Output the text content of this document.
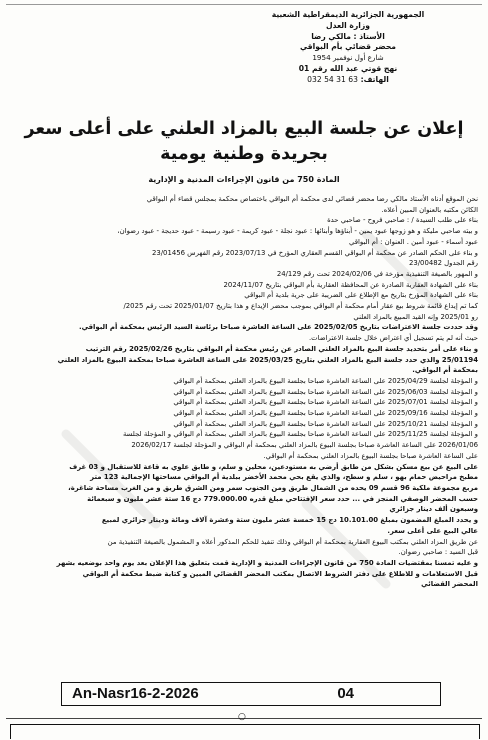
الجمهورية الجزائرية الديمقراطية الشعبية
وزارة العدل
الأستاذ : مالكي رضا
محضر قضائي بأم البواقي
شارع أول نوفمبر 1954
نهج قوتي عبد الله رقم 01
الهاتف: 032 54 31 63
إعلان عن جلسة البيع بالمزاد العلني على أعلى سعر
بجريدة وطنية يومية
المادة 750 من قانون الإجراءات المدنية و الإدارية

نحن الموقع أدناه الأستاذ مالكي رضا محضر قضائي لدى محكمة أم البواقي باختصاص محكمة بمجلس قضاء أم البواقي

الكائن مكتبه بالعنوان المبين أعلاه.

بناء على طلب السيدة / : صاحبي فروح - صاحبي حدة

و بيته صاحبي مليكة و هو زوجها عبود يمين - أبناؤها وأبنائها : عبود نجلة - عبود كريمة - عبود رسيمة - عبود حديجة - عبود رضوان،

عبود أسماء - عبود أمين . العنوان : أم البواقي

و بناء على الحكم الصادر عن محكمة أم البواقي القسم العقاري المؤرخ في 2023/07/13 رقم الفهرس 23/01456

رقم الجدول 23/00482

و المهور بالصيغة التنفيذية مؤرخة في 2024/02/06 تحت رقم 24/129

بناء على الشهادة العقارية الصادرة عن المحافظة العقارية بأم البواقي بتاريخ 2024/11/07

بناء على الشهادة المؤرخ بتاريخ مع الإطلاع على الضريبة على جرية بلدية أم البواقي

كما تم إيداع قائمة شروط بيع عقار أمام محكمة أم البواقي بموجب محضر الإيداع و هذا بتاريخ 2025/01/07 تحت رقم 2025/

رو 2025/01 وإنه القيد المبيع بالمزاد العلني

وقد حددت جلسة الاعتراضات بتاريخ 2025/02/05 على الساعة العاشرة صباحا برئاسة السيد الرئيس بمحكمة أم البواقي.

حيث أنه لم يتم تسجيل أي اعتراض خلال جلسة الاعتراضات.

و بناء على أمر بتحديد جلسة البيع بالمزاد العلني الصادر عن رئيس محكمة أم البواقي بتاريخ 2025/02/26 رقم الترتيب

25/01194 والذي حدد جلسة البيع بالمزاد العلني بتاريخ 2025/03/25 على الساعة العاشرة صباحا بمحكمة البيوع بالمزاد العلني

بمحكمة أم البواقي.

و المؤجلة لجلسة 2025/04/29 على الساعة العاشرة صباحا بجلسة البيوع بالمزاد العلني بمحكمة أم البواقي

و المؤجلة لجلسة 2025/06/03 على الساعة العاشرة صباحا بجلسة البيوع بالمزاد العلني بمحكمة أم البواقي

و المؤجلة لجلسة 2025/07/01 على الساعة العاشرة صباحا بجلسة البيوع بالمزاد العلني بمحكمة أم البواقي

و المؤجلة لجلسة 2025/09/16 على الساعة العاشرة صباحا بجلسة البيوع بالمزاد العلني بمحكمة أم البواقي

و المؤجلة لجلسة 2025/10/21 على الساعة العاشرة صباحا بجلسة البيوع بالمزاد العلني بمحكمة أم البواقي

و المؤجلة لجلسة 2025/11/25 على الساعة العاشرة صباحا بجلسة البيوع بالمزاد العلني بمحكمة أم البواقي و المؤجلة لجلسة

2026/01/06 على الساعة العاشرة صباحا بجلسة البيوع بالمزاد العلني بمحكمة أم البواقي و المؤجلة لجلسة 2026/02/17

على الساعة العاشرة صباحا بجلسة البيوع بالمزاد العلني بمحكمة أم البواقي.

على البيع عن بيع مسكن بشكل من طابق أرضي به مستودعين، محلين و سلم، و طابق علوي به قاعة للاستقبال و 03 غرف

مطبخ مراحيض حمام بهو ، سلم و سطح، والذي يقع بحي محمد الأخضر ببلدية أم البواقي مساحتها الإجمالية 123 متر

مربع مجموعة ملكية 96 قسم 09 يحده من الشمال طريق ومن الجنوب سمر ومن الشرق طريق و من الغرب مساحة شاغرة،

حسب المحضر الوصفي المنجز في ... حدد سعر الإفتتاحي مبلغ قدره 779.000.00 دج 16 ستة عشر مليون و سبعمائة

وسبعون ألف دينار جزائري

و يحدد المبلغ المضمون بمبلغ 10.101.00 دج 15 خمسة عشر مليون ستة وعشرة آلاف ومائة ودينار جزائري لمبيع

عالي البيع على أعلى سعر.

عن طريق المزاد العلني بمكتب البيوع العقارية بمحكمة أم البواقي وذلك تنفيذ للحكم المذكور أعلاه و المشمول بالصيغة التنفيذية من

قبل السيد : صاحبي رضوان.

و عليه تمسنا بمقتضيات المادة 750 من قانون الإجراءات المدنية و الإدارية قمت بتعليق هذا الإعلان بعد يوم واحد بوضعيه بشهر

قبل الاستعلامات و للاطلاع على دفتر الشروط الاتصال بمكتب المحضر القضائي المبين و كتابة ضبط محكمة أم البواقي

المحضر القضائي

An-Nasr16-2-2026	04
○
